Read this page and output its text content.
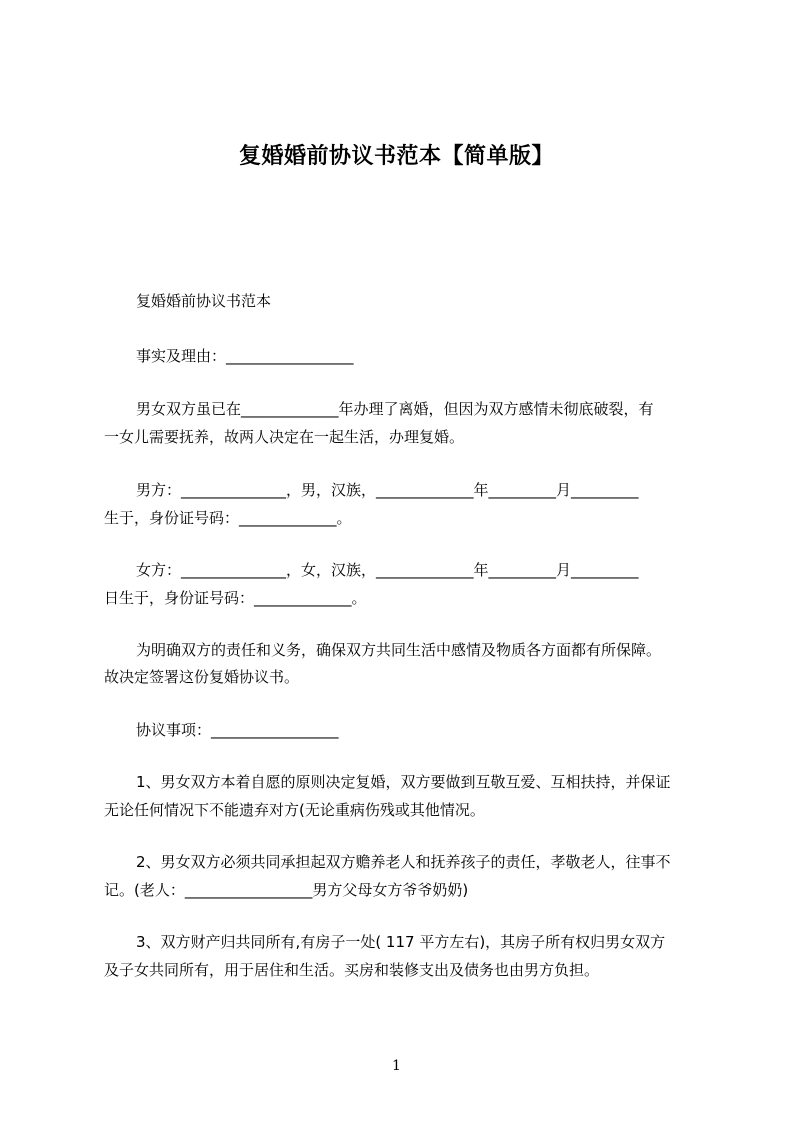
复婚婚前协议书范本【简单版】
复婚婚前协议书范本
事实及理由：_________________
男女双方虽已在_____________年办理了离婚，但因为双方感情未彻底破裂，有
一女儿需要抚养，故两人决定在一起生活，办理复婚。
男方：______________，男，汉族，_____________年_________月_________
生于，身份证号码：_____________。
女方：______________，女，汉族，_____________年_________月_________
日生于，身份证号码：_____________。
为明确双方的责任和义务，确保双方共同生活中感情及物质各方面都有所保障。
故决定签署这份复婚协议书。
协议事项：_________________
1、男女双方本着自愿的原则决定复婚，双方要做到互敬互爱、互相扶持，并保证
无论任何情况下不能遗弃对方(无论重病伤残或其他情况。
2、男女双方必须共同承担起双方赡养老人和抚养孩子的责任，孝敬老人，往事不
记。(老人：_________________男方父母女方爷爷奶奶)
3、双方财产归共同所有,有房子一处( 117 平方左右)，其房子所有权归男女双方
及子女共同所有，用于居住和生活。买房和装修支出及债务也由男方负担。
1
